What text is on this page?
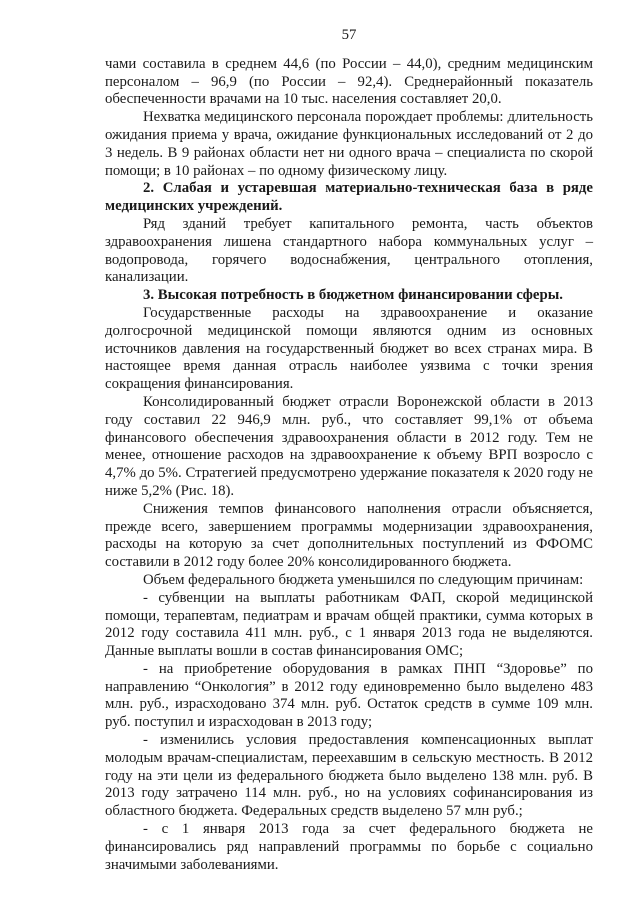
57

чами составила в среднем 44,6 (по России – 44,0), средним медицинским персоналом – 96,9 (по России – 92,4). Среднерайонный показатель обеспеченности врачами на 10 тыс. населения составляет 20,0.

Нехватка медицинского персонала порождает проблемы: длительность ожидания приема у врача, ожидание функциональных исследований от 2 до 3 недель. В 9 районах области нет ни одного врача – специалиста по скорой помощи; в 10 районах – по одному физическому лицу.

2. Слабая и устаревшая материально-техническая база в ряде медицинских учреждений.

Ряд зданий требует капитального ремонта, часть объектов здравоохранения лишена стандартного набора коммунальных услуг – водопровода, горячего водоснабжения, центрального отопления, канализации.

3. Высокая потребность в бюджетном финансировании сферы.

Государственные расходы на здравоохранение и оказание долгосрочной медицинской помощи являются одним из основных источников давления на государственный бюджет во всех странах мира. В настоящее время данная отрасль наиболее уязвима с точки зрения сокращения финансирования.

Консолидированный бюджет отрасли Воронежской области в 2013 году составил 22 946,9 млн. руб., что составляет 99,1% от объема финансового обеспечения здравоохранения области в 2012 году. Тем не менее, отношение расходов на здравоохранение к объему ВРП возросло с 4,7% до 5%. Стратегией предусмотрено удержание показателя к 2020 году не ниже 5,2% (Рис. 18).

Снижения темпов финансового наполнения отрасли объясняется, прежде всего, завершением программы модернизации здравоохранения, расходы на которую за счет дополнительных поступлений из ФФОМС составили в 2012 году более 20% консолидированного бюджета.

Объем федерального бюджета уменьшился по следующим причинам:

- субвенции на выплаты работникам ФАП, скорой медицинской помощи, терапевтам, педиатрам и врачам общей практики, сумма которых в 2012 году составила 411 млн. руб., с 1 января 2013 года не выделяются. Данные выплаты вошли в состав финансирования ОМС;

- на приобретение оборудования в рамках ПНП “Здоровье” по направлению “Онкология” в 2012 году единовременно было выделено 483 млн. руб., израсходовано 374 млн. руб. Остаток средств в сумме 109 млн. руб. поступил и израсходован в 2013 году;

- изменились условия предоставления компенсационных выплат молодым врачам-специалистам, переехавшим в сельскую местность. В 2012 году на эти цели из федерального бюджета было выделено 138 млн. руб. В 2013 году затрачено 114 млн. руб., но на условиях софинансирования из областного бюджета. Федеральных средств выделено 57 млн руб.;

- с 1 января 2013 года за счет федерального бюджета не финансировались ряд направлений программы по борьбе с социально значимыми заболеваниями.
